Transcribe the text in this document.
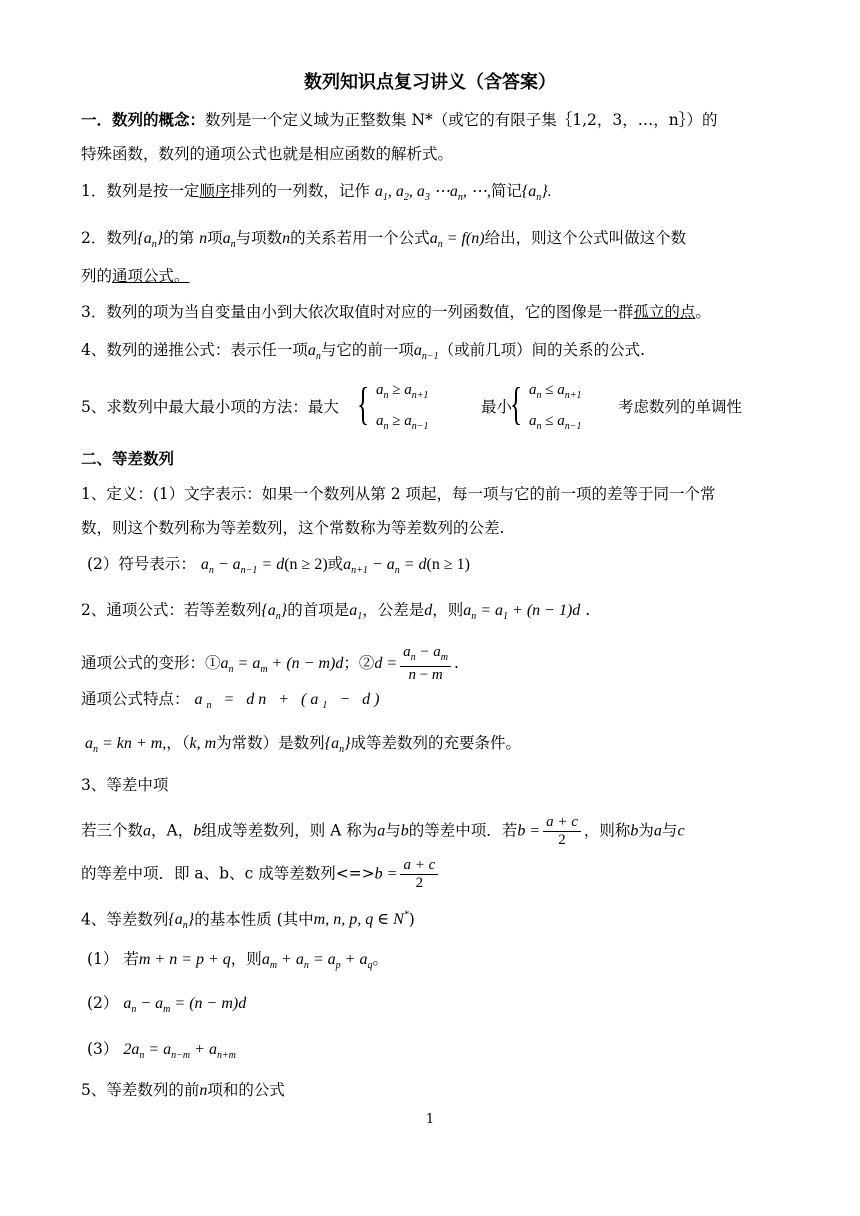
数列知识点复习讲义（含答案）
一．数列的概念：数列是一个定义域为正整数集 N*（或它的有限子集｛1,2，3，…，n｝）的
特殊函数，数列的通项公式也就是相应函数的解析式。
1．数列是按一定顺序排列的一列数，记作 $a_1$, $a_2$, $a_3$ $\cdots a_n$, ⋯,简记$\{a_n\}$.
2．数列$\{a_n\}$的第 n项$a_n$与项数n的关系若用一个公式$a_n = f(n)$给出，则这个公式叫做这个数
列的通项公式。
3．数列的项为当自变量由小到大依次取值时对应的一列函数值，它的图像是一群孤立的点。
4、数列的递推公式：表示任一项$a_n$与它的前一项$a_{n-1}$（或前几项）间的关系的公式.
5、求数列中最大最小项的方法：最大 { $a_n \ge a_{n+1}$
$a_n \ge a_{n-1}$
最小
{ $a_n \le a_{n+1}$
$a_n \le a_{n-1}$
考虑数列的单调性
二、等差数列
1、定义：(1）文字表示：如果一个数列从第 2 项起，每一项与它的前一项的差等于同一个常
数，则这个数列称为等差数列，这个常数称为等差数列的公差.
(2）符号表示： $a_n - a_{n-1} = d(n \ge 2)$或$a_{n+1} - a_n = d(n \ge 1)$
2、通项公式：若等差数列$\{a_n\}$的首项是$a_1$，公差是d，则$a_n = a_1 + (n - 1)d$ .
通项公式的变形：$①a_n = a_m + (n - m)d$；②d = $\frac{a_n - a_m}{n - m}$ .
通项公式特点： $a_n$ = dn + $(a_1 - d)$
$a_n$ = kn + m,，（k, m为常数）是数列$\{a_n\}$成等差数列的充要条件。
3、等差中项
若三个数a，A，b组成等差数列，则 A 称为a与b的等差中项．若$b = \frac{a + c}{2}$ ，则称b为a与c
的等差中项．即 a、b、c 成等差数列$<=>b = \frac{a + c}{2}$
4、等差数列$\{a_n\}$的基本性质 (其中m, n, p, q ∈ N*)
(1） 若m + n = p + q，则$a_m + a_n = a_p + a_q$。
(2） $a_n - a_m = (n - m)d$
(3） $2a_n = a_{n-m} + a_{n+m}$
5、等差数列的前n项和的公式
1
